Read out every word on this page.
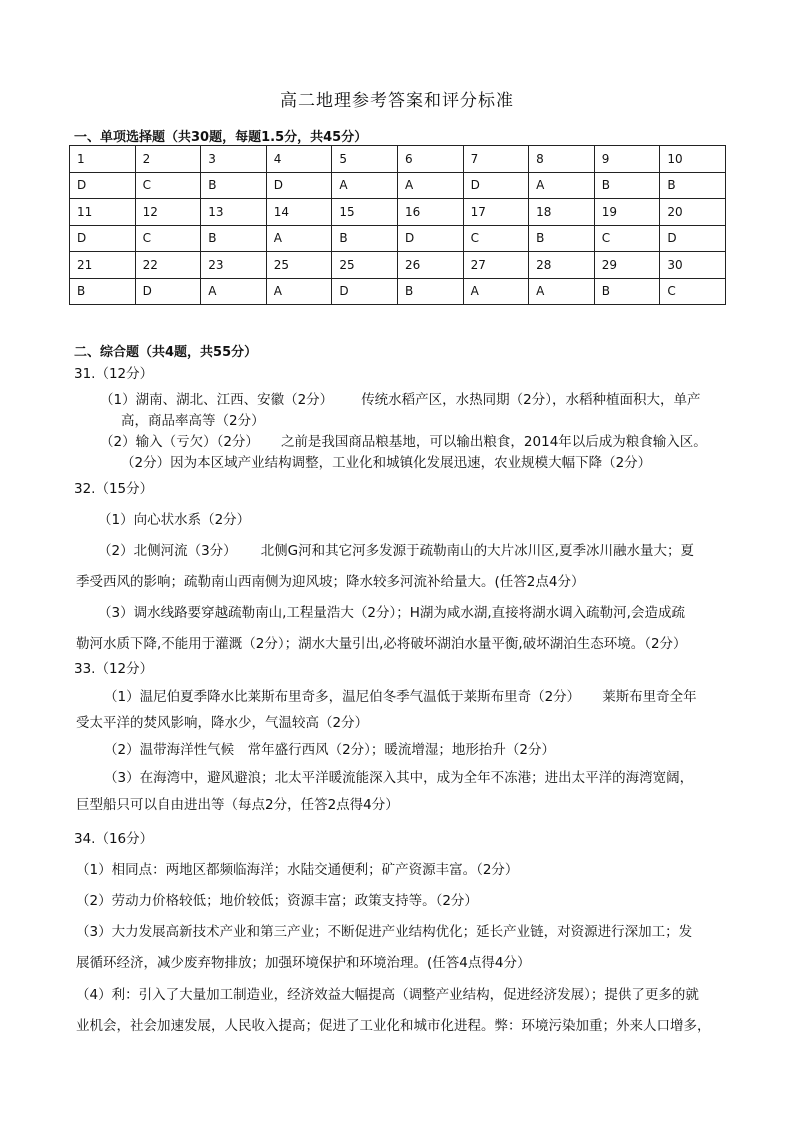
高二地理参考答案和评分标准
一、单项选择题（共30题，每题1.5分，共45分）
1	2	3	4	5	6	7	8	9	10
D	C	B	D	A	A	D	A	B	B
11	12	13	14	15	16	17	18	19	20
D	C	B	A	B	D	C	B	C	D
21	22	23	25	25	26	27	28	29	30
B	D	A	A	D	B	A	A	B	C
二、综合题（共4题，共55分）
31.（12分）
（1）湖南、湖北、江西、安徽（2分） 传统水稻产区，水热同期（2分），水稻种植面积大，单产
高，商品率高等（2分）
（2）输入（亏欠）（2分） 之前是我国商品粮基地，可以输出粮食，2014年以后成为粮食输入区。
（2分）因为本区域产业结构调整，工业化和城镇化发展迅速，农业规模大幅下降（2分）
32.（15分）
（1）向心状水系（2分）
（2）北侧河流（3分） 北侧G河和其它河多发源于疏勒南山的大片冰川区,夏季冰川融水量大；夏
季受西风的影响；疏勒南山西南侧为迎风坡；降水较多河流补给量大。(任答2点4分）
（3）调水线路要穿越疏勒南山,工程量浩大（2分）；H湖为咸水湖,直接将湖水调入疏勒河,会造成疏
勒河水质下降,不能用于灌溉（2分）；湖水大量引出,必将破坏湖泊水量平衡,破坏湖泊生态环境。（2分）
33.（12分）
（1）温尼伯夏季降水比莱斯布里奇多，温尼伯冬季气温低于莱斯布里奇（2分） 莱斯布里奇全年
受太平洋的焚风影响，降水少，气温较高（2分）
（2）温带海洋性气候　常年盛行西风（2分）；暖流增湿；地形抬升（2分）
（3）在海湾中，避风避浪；北太平洋暖流能深入其中，成为全年不冻港；进出太平洋的海湾宽阔，
巨型船只可以自由进出等（每点2分，任答2点得4分）
34.（16分）
（1）相同点：两地区都频临海洋；水陆交通便利；矿产资源丰富。（2分）
（2）劳动力价格较低；地价较低；资源丰富；政策支持等。（2分）
（3）大力发展高新技术产业和第三产业；不断促进产业结构优化；延长产业链，对资源进行深加工；发
展循环经济，减少废弃物排放；加强环境保护和环境治理。(任答4点得4分）
（4）利：引入了大量加工制造业，经济效益大幅提高（调整产业结构，促进经济发展）；提供了更多的就
业机会，社会加速发展，人民收入提高；促进了工业化和城市化进程。弊：环境污染加重；外来人口增多，
